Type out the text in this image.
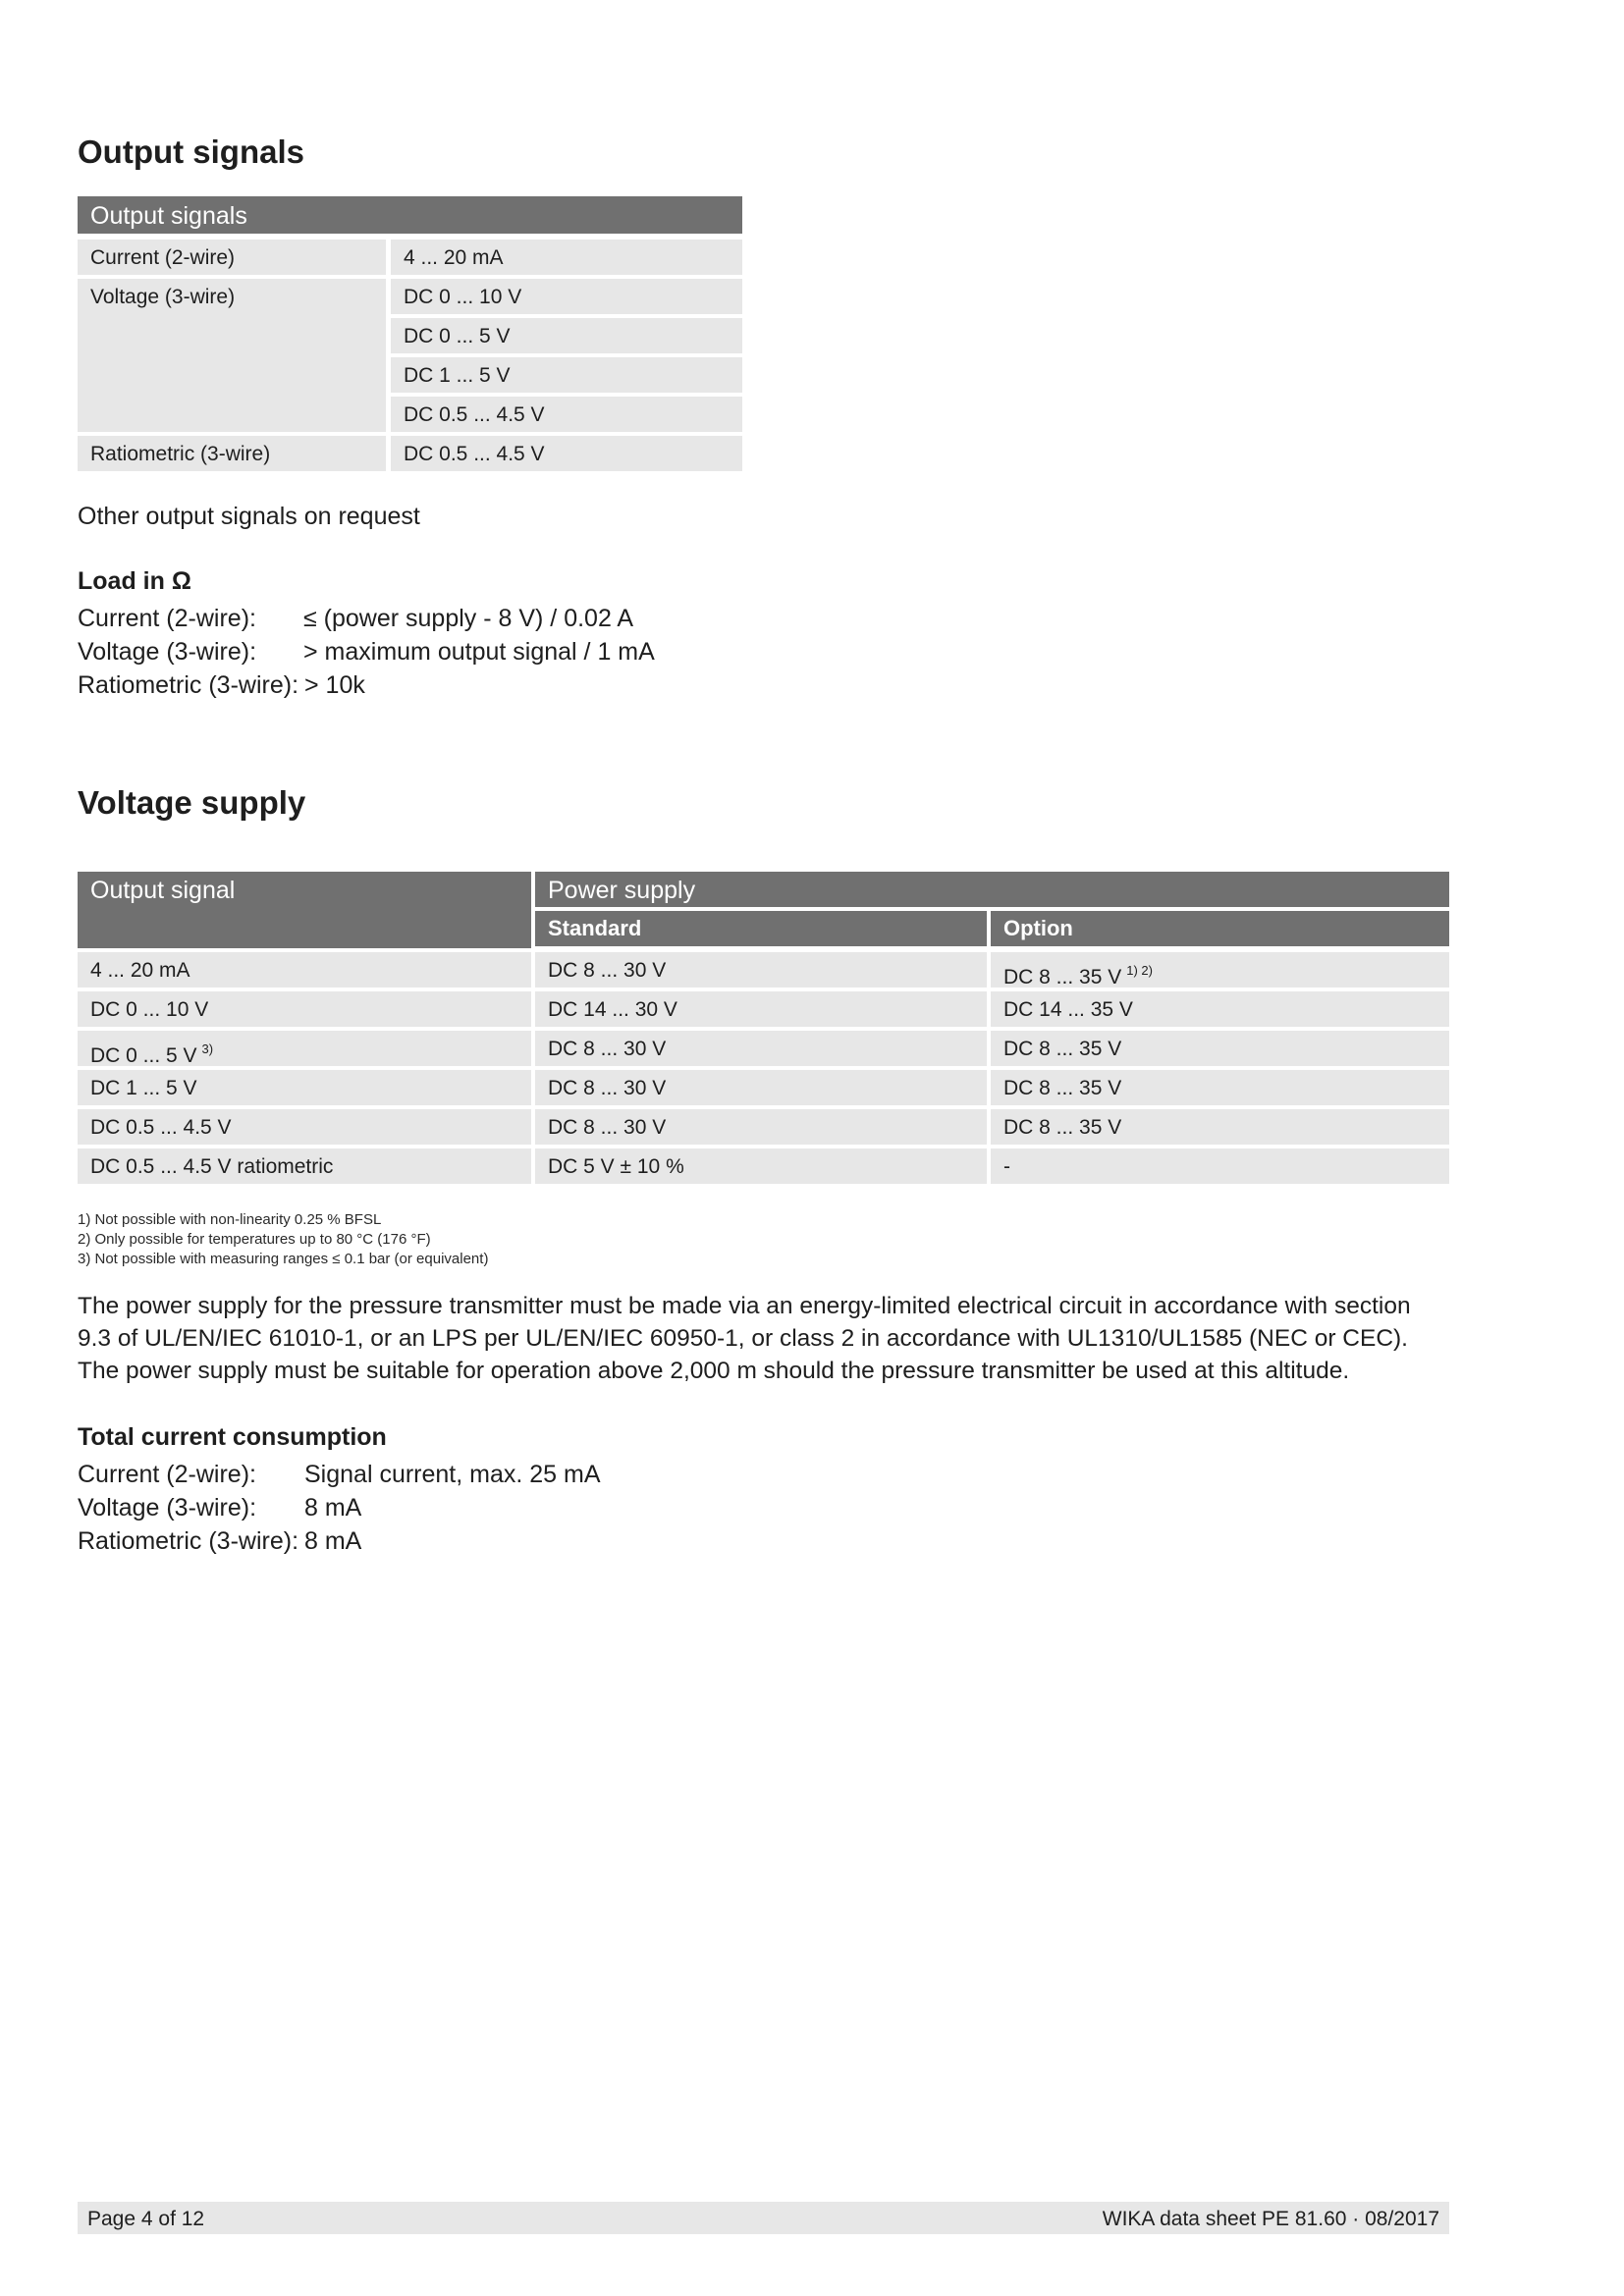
Output signals
Output signals
Current (2-wire)	4 ... 20 mA
Voltage (3-wire)	DC 0 ... 10 V
DC 0 ... 5 V
DC 1 ... 5 V
DC 0.5 ... 4.5 V
Ratiometric (3-wire)	DC 0.5 ... 4.5 V

Other output signals on request

Load in Ω
Current (2-wire): ≤ (power supply - 8 V) / 0.02 A
Voltage (3-wire): > maximum output signal / 1 mA
Ratiometric (3-wire): > 10k
Voltage supply
Output signal	Power supply
Standard	Option
4 ... 20 mA	DC 8 ... 30 V	DC 8 ... 35 V $^{1) 2)}$
DC 0 ... 10 V	DC 14 ... 30 V	DC 14 ... 35 V
DC 0 ... 5 V $^{3)}$	DC 8 ... 30 V	DC 8 ... 35 V
DC 1 ... 5 V	DC 8 ... 30 V	DC 8 ... 35 V
DC 0.5 ... 4.5 V	DC 8 ... 30 V	DC 8 ... 35 V
DC 0.5 ... 4.5 V ratiometric	DC 5 V ± 10 %	-
1) Not possible with non-linearity 0.25 % BFSL
2) Only possible for temperatures up to 80 °C (176 °F)
3) Not possible with measuring ranges ≤ 0.1 bar (or equivalent)
The power supply for the pressure transmitter must be made via an energy-limited electrical circuit in accordance with section
9.3 of UL/EN/IEC 61010-1, or an LPS per UL/EN/IEC 60950-1, or class 2 in accordance with UL1310/UL1585 (NEC or CEC).
The power supply must be suitable for operation above 2,000 m should the pressure transmitter be used at this altitude.
Total current consumption
Current (2-wire): Signal current, max. 25 mA
Voltage (3-wire): 8 mA
Ratiometric (3-wire): 8 mA
Page 4 of 12	WIKA data sheet PE 81.60 · 08/2017
